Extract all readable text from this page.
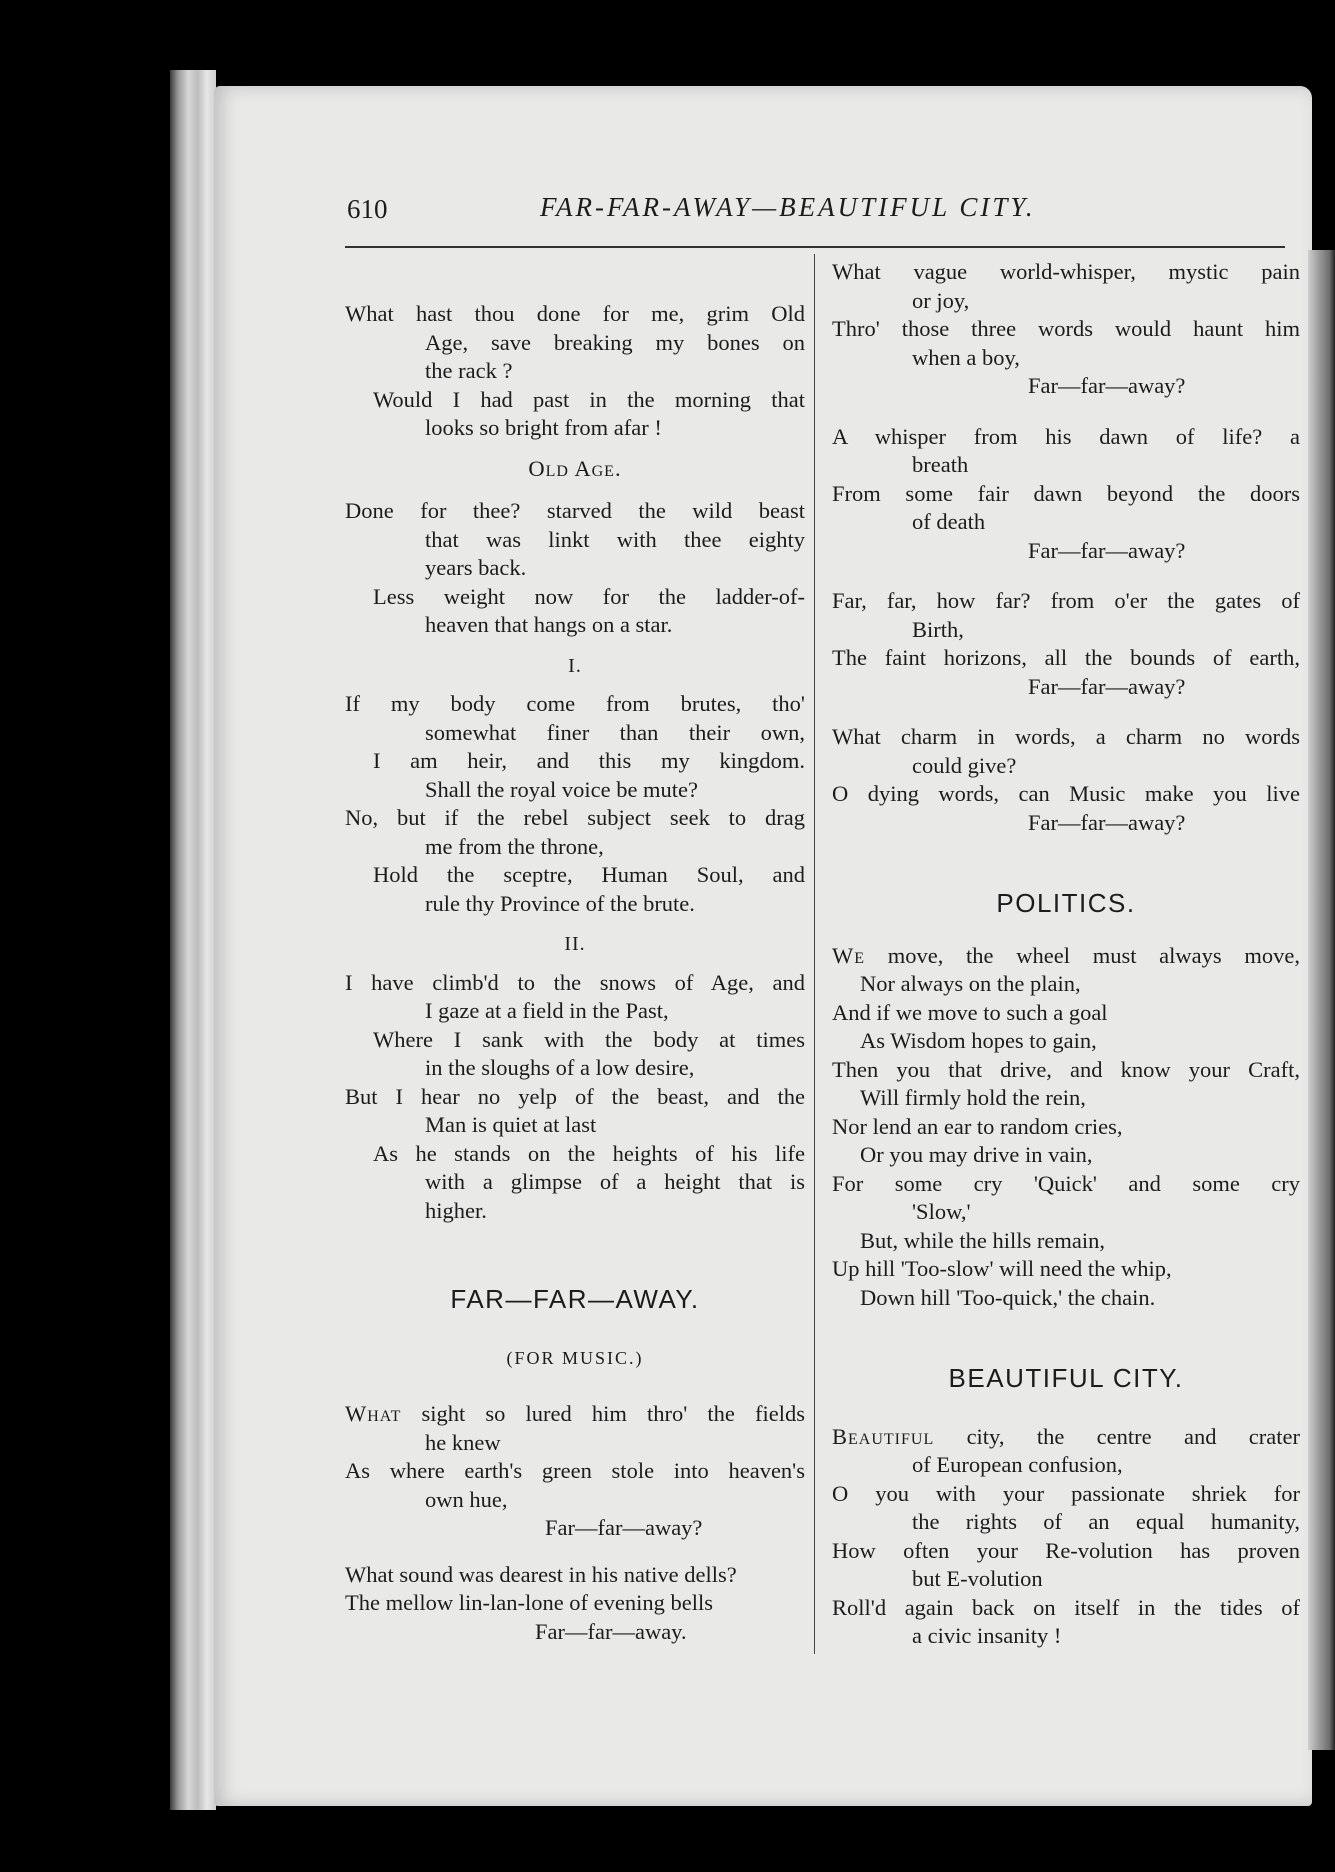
610	FAR-FAR-AWAY—BEAUTIFUL CITY.
What hast thou done for me, grim Old
Age, save breaking my bones on
the rack ?
Would I had past in the morning that
looks so bright from afar !
Old Age.
Done for thee? starved the wild beast
that was linkt with thee eighty
years back.
Less weight now for the ladder-of-
heaven that hangs on a star.
I.
If my body come from brutes, tho'
somewhat finer than their own,
I am heir, and this my kingdom.
Shall the royal voice be mute?
No, but if the rebel subject seek to drag
me from the throne,
Hold the sceptre, Human Soul, and
rule thy Province of the brute.
II.
I have climb'd to the snows of Age, and
I gaze at a field in the Past,
Where I sank with the body at times
in the sloughs of a low desire,
But I hear no yelp of the beast, and the
Man is quiet at last
As he stands on the heights of his life
with a glimpse of a height that is
higher.
FAR—FAR—AWAY.
(FOR MUSIC.)
What sight so lured him thro' the fields
he knew
As where earth's green stole into heaven's
own hue,
Far—far—away?
What sound was dearest in his native dells?
The mellow lin-lan-lone of evening bells
Far—far—away.
What vague world-whisper, mystic pain
or joy,
Thro' those three words would haunt him
when a boy,
Far—far—away?
A whisper from his dawn of life? a
breath
From some fair dawn beyond the doors
of death
Far—far—away?
Far, far, how far? from o'er the gates of
Birth,
The faint horizons, all the bounds of earth,
Far—far—away?
What charm in words, a charm no words
could give?
O dying words, can Music make you live
Far—far—away?
POLITICS.
We move, the wheel must always move,
Nor always on the plain,
And if we move to such a goal
As Wisdom hopes to gain,
Then you that drive, and know your Craft,
Will firmly hold the rein,
Nor lend an ear to random cries,
Or you may drive in vain,
For some cry 'Quick' and some cry
'Slow,'
But, while the hills remain,
Up hill 'Too-slow' will need the whip,
Down hill 'Too-quick,' the chain.
BEAUTIFUL CITY.
Beautiful city, the centre and crater
of European confusion,
O you with your passionate shriek for
the rights of an equal humanity,
How often your Re-volution has proven
but E-volution
Roll'd again back on itself in the tides of
a civic insanity !
